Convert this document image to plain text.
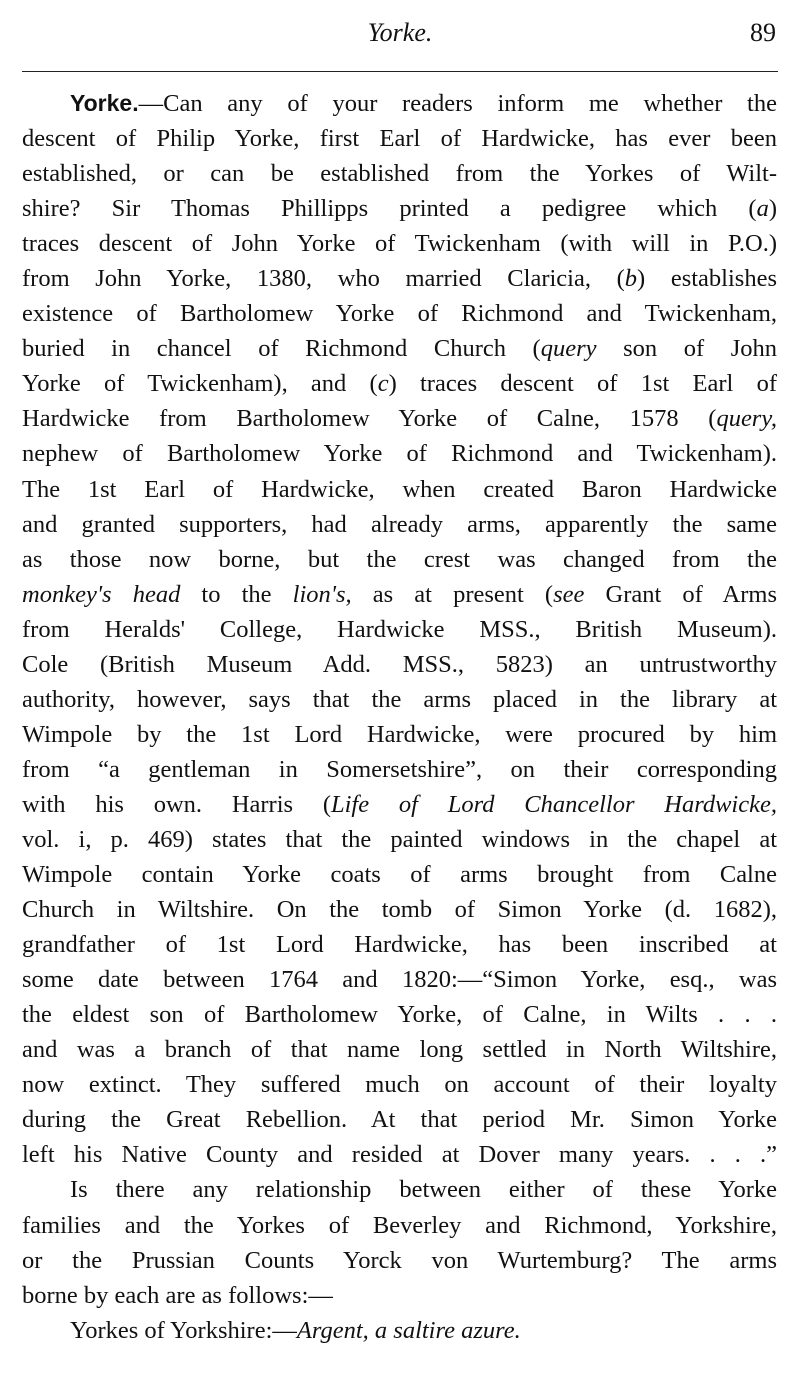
Yorke.	89
Yorke.—Can any of your readers inform me whether the
descent of Philip Yorke, first Earl of Hardwicke, has ever been
established, or can be established from the Yorkes of Wilt-
shire? Sir Thomas Phillipps printed a pedigree which (a)
traces descent of John Yorke of Twickenham (with will in P.O.)
from John Yorke, 1380, who married Claricia, (b) establishes
existence of Bartholomew Yorke of Richmond and Twickenham,
buried in chancel of Richmond Church (query son of John
Yorke of Twickenham), and (c) traces descent of 1st Earl of
Hardwicke from Bartholomew Yorke of Calne, 1578 (query,
nephew of Bartholomew Yorke of Richmond and Twickenham).
The 1st Earl of Hardwicke, when created Baron Hardwicke
and granted supporters, had already arms, apparently the same
as those now borne, but the crest was changed from the
monkey's head to the lion's, as at present (see Grant of Arms
from Heralds' College, Hardwicke MSS., British Museum).
Cole (British Museum Add. MSS., 5823) an untrustworthy
authority, however, says that the arms placed in the library at
Wimpole by the 1st Lord Hardwicke, were procured by him
from “a gentleman in Somersetshire”, on their corresponding
with his own. Harris (Life of Lord Chancellor Hardwicke,
vol. i, p. 469) states that the painted windows in the chapel at
Wimpole contain Yorke coats of arms brought from Calne
Church in Wiltshire. On the tomb of Simon Yorke (d. 1682),
grandfather of 1st Lord Hardwicke, has been inscribed at
some date between 1764 and 1820:—“Simon Yorke, esq., was
the eldest son of Bartholomew Yorke, of Calne, in Wilts . . .
and was a branch of that name long settled in North Wiltshire,
now extinct. They suffered much on account of their loyalty
during the Great Rebellion. At that period Mr. Simon Yorke
left his Native County and resided at Dover many years. . . .”
Is there any relationship between either of these Yorke
families and the Yorkes of Beverley and Richmond, Yorkshire,
or the Prussian Counts Yorck von Wurtemburg? The arms
borne by each are as follows:—
Yorkes of Yorkshire:—Argent, a saltire azure.
